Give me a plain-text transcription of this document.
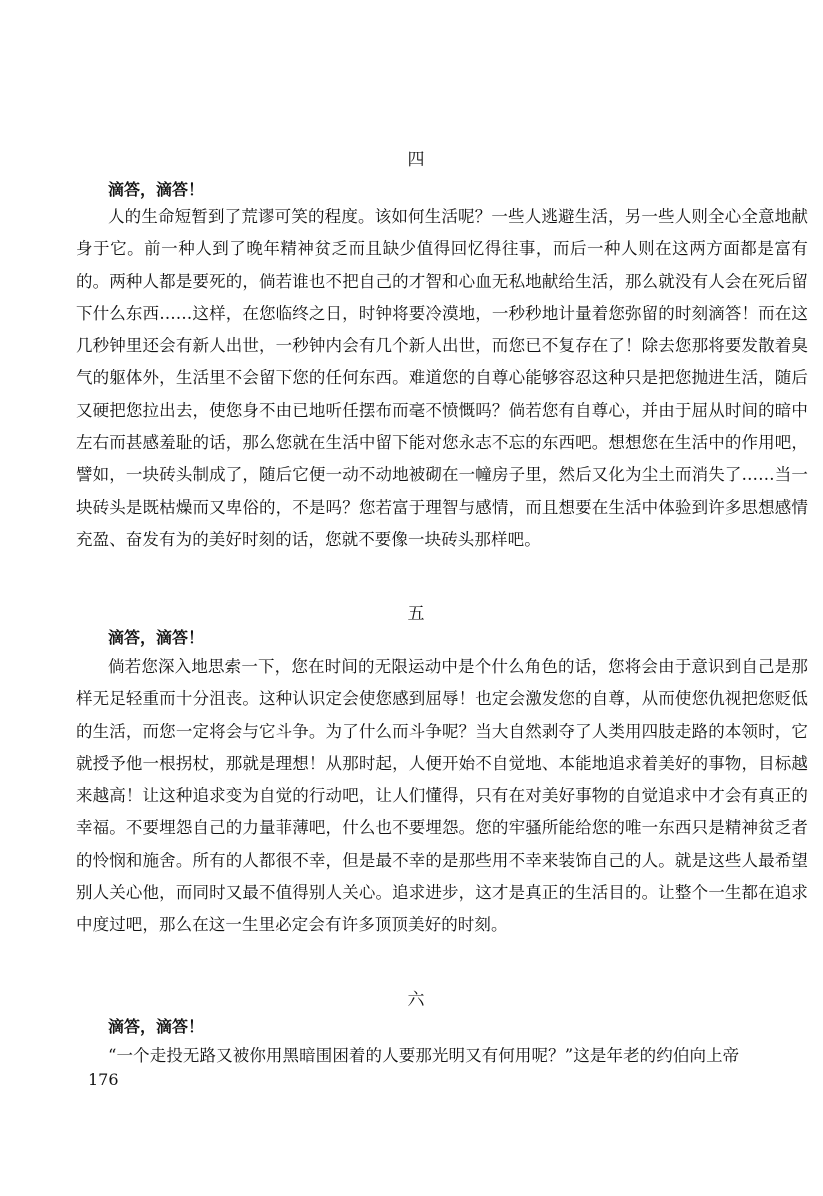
四
滴答，滴答！

人的生命短暂到了荒谬可笑的程度。该如何生活呢？一些人逃避生活，另一些人则全心全意地献身于它。前一种人到了晚年精神贫乏而且缺少值得回忆得往事，而后一种人则在这两方面都是富有的。两种人都是要死的，倘若谁也不把自己的才智和心血无私地献给生活，那么就没有人会在死后留下什么东西……这样，在您临终之日，时钟将要冷漠地，一秒秒地计量着您弥留的时刻滴答！而在这几秒钟里还会有新人出世，一秒钟内会有几个新人出世，而您已不复存在了！除去您那将要发散着臭气的躯体外，生活里不会留下您的任何东西。难道您的自尊心能够容忍这种只是把您抛进生活，随后又硬把您拉出去，使您身不由已地听任摆布而毫不愤慨吗？倘若您有自尊心，并由于屈从时间的暗中左右而甚感羞耻的话，那么您就在生活中留下能对您永志不忘的东西吧。想想您在生活中的作用吧，譬如，一块砖头制成了，随后它便一动不动地被砌在一幢房子里，然后又化为尘土而消失了……当一块砖头是既枯燥而又卑俗的，不是吗？您若富于理智与感情，而且想要在生活中体验到许多思想感情充盈、奋发有为的美好时刻的话，您就不要像一块砖头那样吧。

五
滴答，滴答！

倘若您深入地思索一下，您在时间的无限运动中是个什么角色的话，您将会由于意识到自己是那样无足轻重而十分沮丧。这种认识定会使您感到屈辱！也定会激发您的自尊，从而使您仇视把您贬低的生活，而您一定将会与它斗争。为了什么而斗争呢？当大自然剥夺了人类用四肢走路的本领时，它就授予他一根拐杖，那就是理想！从那时起，人便开始不自觉地、本能地追求着美好的事物，目标越来越高！让这种追求变为自觉的行动吧，让人们懂得，只有在对美好事物的自觉追求中才会有真正的幸福。不要埋怨自己的力量菲薄吧，什么也不要埋怨。您的牢骚所能给您的唯一东西只是精神贫乏者的怜悯和施舍。所有的人都很不幸，但是最不幸的是那些用不幸来装饰自己的人。就是这些人最希望别人关心他，而同时又最不值得别人关心。追求进步，这才是真正的生活目的。让整个一生都在追求中度过吧，那么在这一生里必定会有许多顶顶美好的时刻。

六
滴答，滴答！

“一个走投无路又被你用黑暗围困着的人要那光明又有何用呢？”这是年老的约伯向上帝

176
